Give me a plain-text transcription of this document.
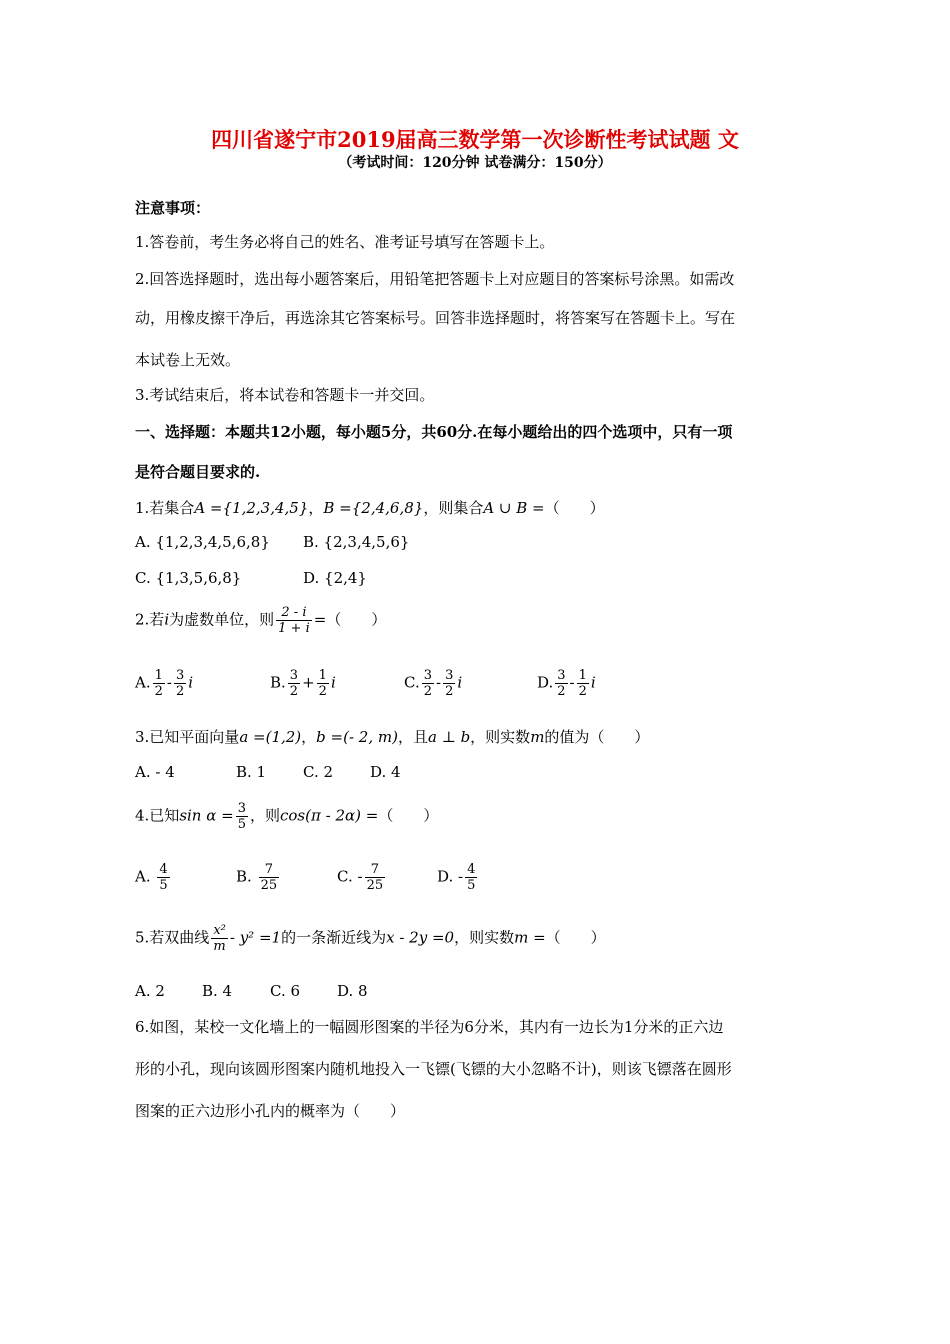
四川省遂宁市2019届高三数学第一次诊断性考试试题 文
（考试时间：120分钟 试卷满分：150分）
注意事项：
1.答卷前，考生务必将自己的姓名、准考证号填写在答题卡上。
2.回答选择题时，选出每小题答案后，用铅笔把答题卡上对应题目的答案标号涂黑。如需改
动，用橡皮擦干净后，再选涂其它答案标号。回答非选择题时，将答案写在答题卡上。写在
本试卷上无效。
3.考试结束后，将本试卷和答题卡一并交回。
一、选择题：本题共12小题，每小题5分，共60分.在每小题给出的四个选项中，只有一项
是符合题目要求的.
1.若集合A ={1,2,3,4,5}，B ={2,4,6,8}，则集合A ∪ B =（　　）
A. {1,2,3,4,5,6,8} B. {2,3,4,5,6}
C. {1,3,5,6,8}	D. {2,4}
2.若i为虚数单位，则 $\frac{2 - i}{1 + i}$ =（　　）
A. $\frac{1}{2} - \frac{3}{2}$ i	B. $\frac{3}{2} + \frac{1}{2}$ i	C. $\frac{3}{2} - \frac{3}{2}$ i	D. $\frac{3}{2} - \frac{1}{2}$ i
3.已知平面向量a =(1,2)，b =(- 2, m)，且a ⊥ b，则实数m的值为（　　）
A. - 4	B. 1 C. 2 D. 4
4.已知$\sin \alpha = \frac{3}{5}$ ，则cos(π - 2α) =（　　）
A. $\frac{4}{5}$	B. $\frac{7}{25}$	C. - $\frac{7}{25}$	D. - $\frac{4}{5}$
5.若双曲线 $\frac{\text{x²}}{m} - y^2 =1$的一条渐近线为x - 2y =0，则实数m =（　　）
A. 2 B. 4	C. 6 D. 8
6.如图，某校一文化墙上的一幅圆形图案的半径为6分米，其内有一边长为1分米的正六边
形的小孔，现向该圆形图案内随机地投入一飞镖(飞镖的大小忽略不计)，则该飞镖落在圆形
图案的正六边形小孔内的概率为（　　）
